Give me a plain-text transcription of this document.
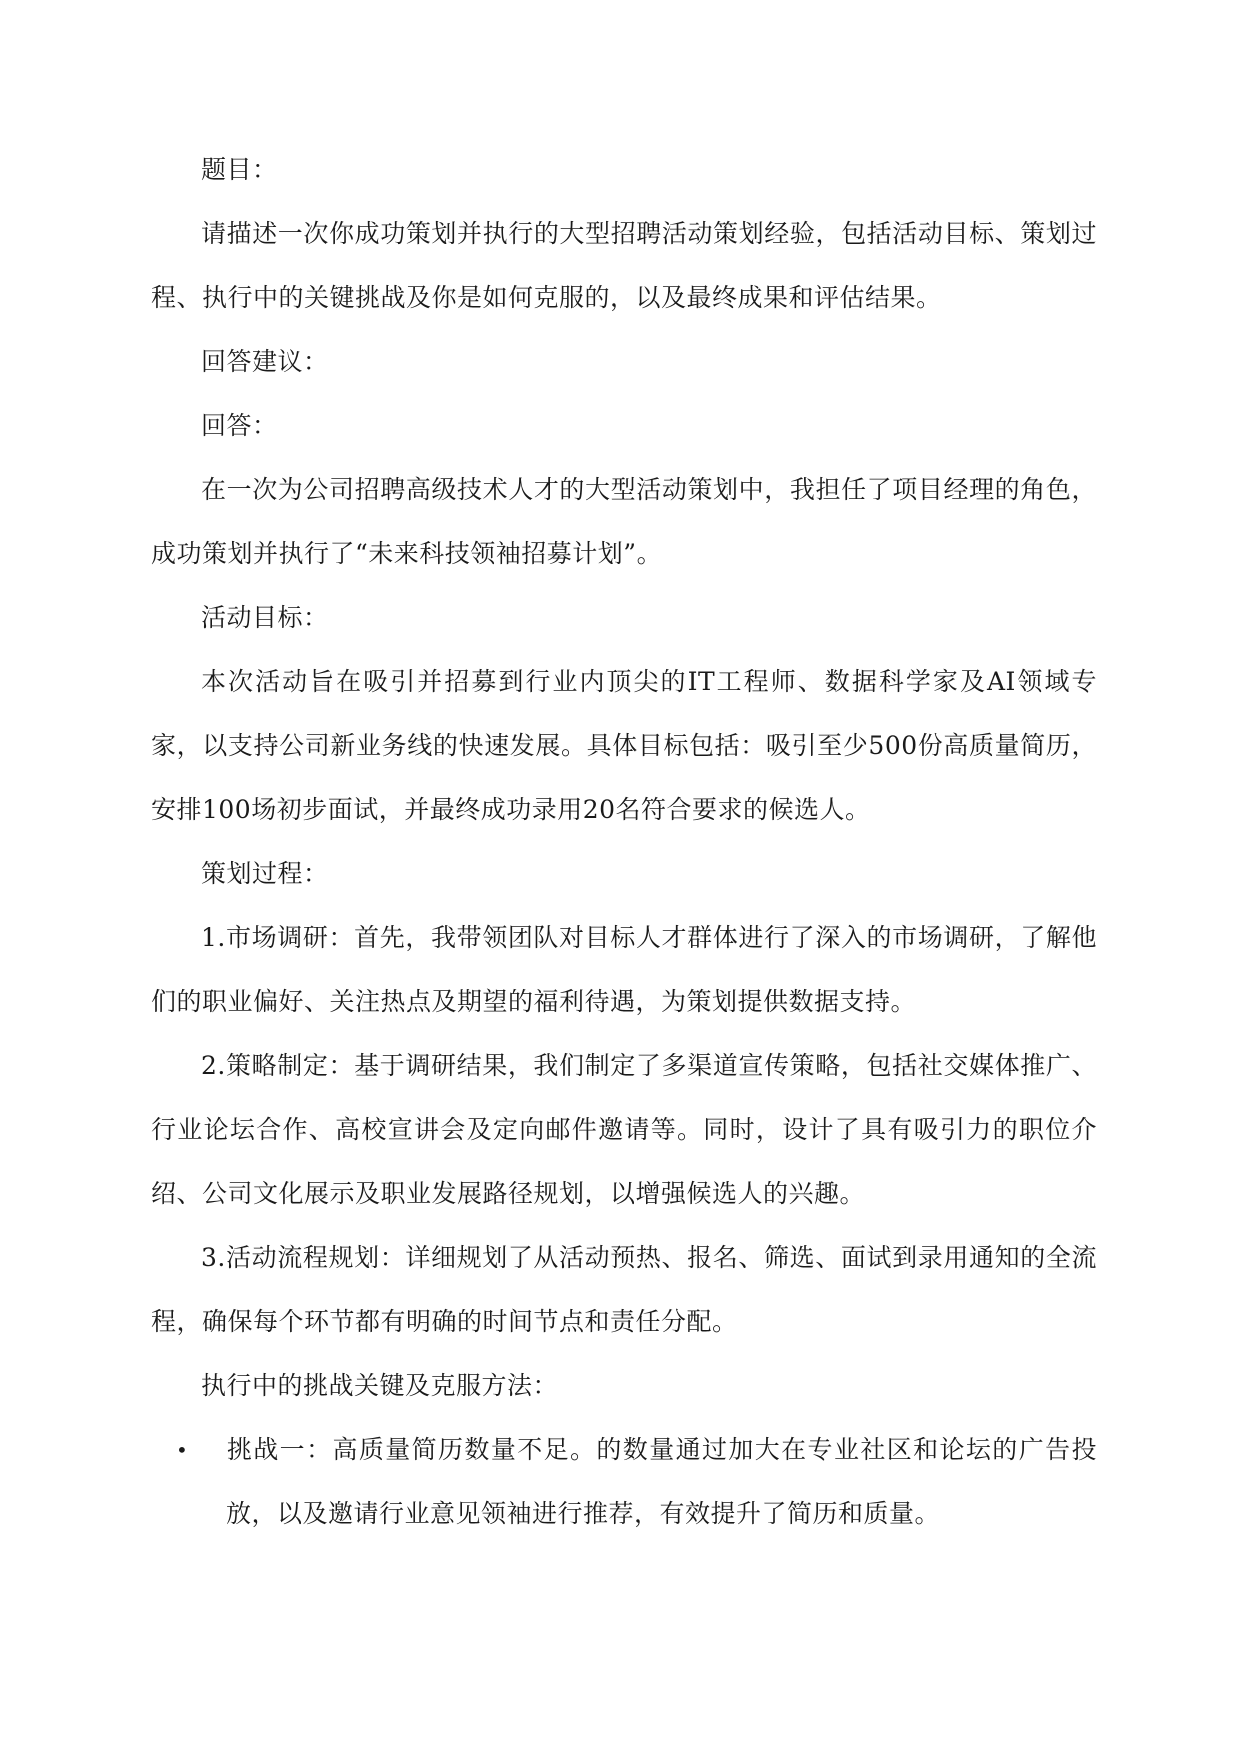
题目：

请描述一次你成功策划并执行的大型招聘活动策划经验，包括活动目标、策划过程、执行中的关键挑战及你是如何克服的，以及最终成果和评估结果。

回答建议：

回答：

在一次为公司招聘高级技术人才的大型活动策划中，我担任了项目经理的角色，成功策划并执行了“未来科技领袖招募计划”。

活动目标：

本次活动旨在吸引并招募到行业内顶尖的IT工程师、数据科学家及AI领域专家，以支持公司新业务线的快速发展。具体目标包括：吸引至少500份高质量简历，安排100场初步面试，并最终成功录用20名符合要求的候选人。

策划过程：

1.市场调研：首先，我带领团队对目标人才群体进行了深入的市场调研，了解他们的职业偏好、关注热点及期望的福利待遇，为策划提供数据支持。

2.策略制定：基于调研结果，我们制定了多渠道宣传策略，包括社交媒体推广、行业论坛合作、高校宣讲会及定向邮件邀请等。同时，设计了具有吸引力的职位介绍、公司文化展示及职业发展路径规划，以增强候选人的兴趣。

3.活动流程规划：详细规划了从活动预热、报名、筛选、面试到录用通知的全流程，确保每个环节都有明确的时间节点和责任分配。

执行中的挑战关键及克服方法：

• 挑战一：高质量简历数量不足。的数量通过加大在专业社区和论坛的广告投放，以及邀请行业意见领袖进行推荐，有效提升了简历和质量。
